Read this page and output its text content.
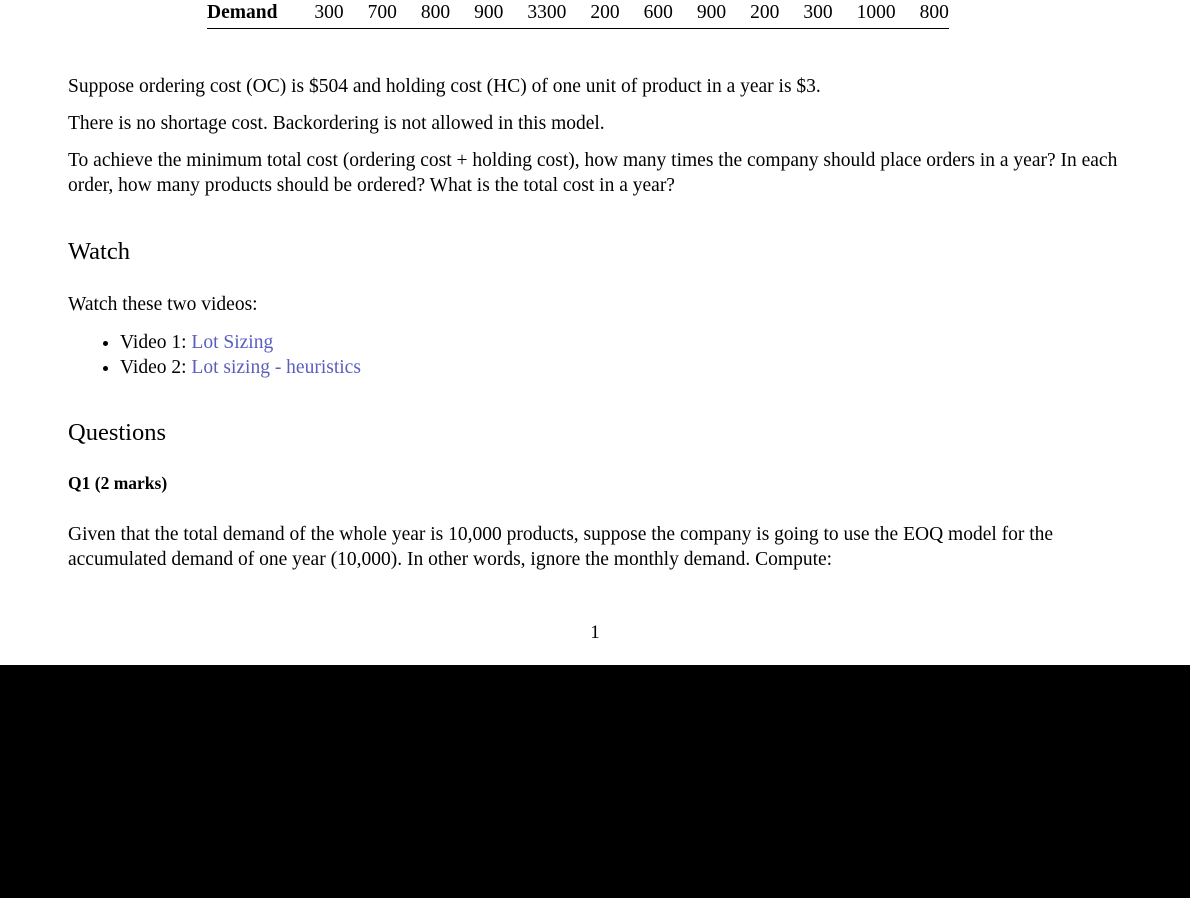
Demand	300	700	800	900	3300	200	600	900	200	300	1000	800

Suppose ordering cost (OC) is $504 and holding cost (HC) of one unit of product in a year is $3.

There is no shortage cost. Backordering is not allowed in this model.

To achieve the minimum total cost (ordering cost + holding cost), how many times the company should place orders in a year? In each order, how many products should be ordered? What is the total cost in a year?

Watch

Watch these two videos:

• Video 1: Lot Sizing
• Video 2: Lot sizing - heuristics
Questions
Q1 (2 marks)

Given that the total demand of the whole year is 10,000 products, suppose the company is going to use the EOQ model for the accumulated demand of one year (10,000). In other words, ignore the monthly demand. Compute:

1
